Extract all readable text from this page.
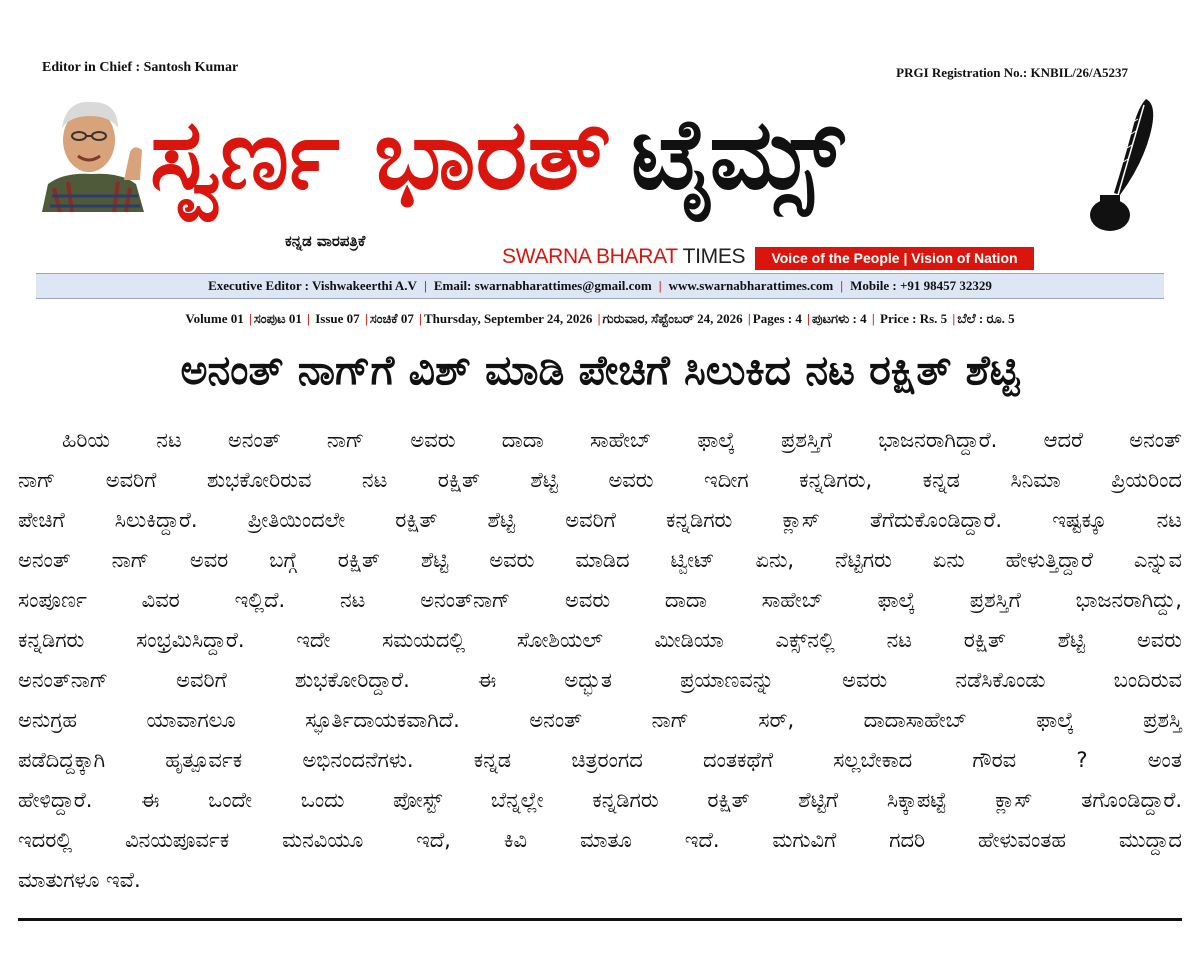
Editor in Chief : Santosh Kumar	PRGI Registration No.: KNBIL/26/A5237
ಸ್ವರ್ಣ ಭಾರತ್ ಟೈಮ್ಸ್
ಕನ್ನಡ ವಾರಪತ್ರಿಕೆ
SWARNA BHARAT TIMES	Voice of the People | Vision of Nation
Executive Editor : Vishwakeerthi A.V | Email: swarnabharattimes@gmail.com | www.swarnabharattimes.com | Mobile : +91 98457 32329
Volume 01 | ಸಂಪುಟ 01 | Issue 07 | ಸಂಚಿಕೆ 07 | Thursday, September 24, 2026 | ಗುರುವಾರ, ಸೆಪ್ಟೆಂಬರ್ 24, 2026 | Pages : 4 | ಪುಟಗಳು : 4 | Price : Rs. 5 | ಬೆಲೆ : ರೂ. 5
ಅನಂತ್ ನಾಗ್‌ಗೆ ವಿಶ್ ಮಾಡಿ ಪೇಚಿಗೆ ಸಿಲುಕಿದ ನಟ ರಕ್ಷಿತ್ ಶೆಟ್ಟಿ
ಹಿರಿಯ ನಟ ಅನಂತ್ ನಾಗ್ ಅವರು ದಾದಾ ಸಾಹೇಬ್ ಫಾಲ್ಕೆ ಪ್ರಶಸ್ತಿಗೆ ಭಾಜನರಾಗಿದ್ದಾರೆ. ಆದರೆ ಅನಂತ್
ನಾಗ್ ಅವರಿಗೆ ಶುಭಕೋರಿರುವ ನಟ ರಕ್ಷಿತ್ ಶೆಟ್ಟಿ ಅವರು ಇದೀಗ ಕನ್ನಡಿಗರು, ಕನ್ನಡ ಸಿನಿಮಾ ಪ್ರಿಯರಿಂದ
ಪೇಚಿಗೆ ಸಿಲುಕಿದ್ದಾರೆ. ಪ್ರೀತಿಯಿಂದಲೇ ರಕ್ಷಿತ್ ಶೆಟ್ಟಿ ಅವರಿಗೆ ಕನ್ನಡಿಗರು ಕ್ಲಾಸ್ ತೆಗೆದುಕೊಂಡಿದ್ದಾರೆ. ಇಷ್ಟಕ್ಕೂ ನಟ
ಅನಂತ್ ನಾಗ್ ಅವರ ಬಗ್ಗೆ ರಕ್ಷಿತ್ ಶೆಟ್ಟಿ ಅವರು ಮಾಡಿದ ಟ್ವೀಟ್ ಏನು, ನೆಟ್ಟಿಗರು ಏನು ಹೇಳುತ್ತಿದ್ದಾರೆ ಎನ್ನುವ
ಸಂಪೂರ್ಣ ವಿವರ ಇಲ್ಲಿದೆ. ನಟ ಅನಂತ್‌ನಾಗ್ ಅವರು ದಾದಾ ಸಾಹೇಬ್ ಫಾಲ್ಕೆ ಪ್ರಶಸ್ತಿಗೆ ಭಾಜನರಾಗಿದ್ದು,
ಕನ್ನಡಿಗರು ಸಂಭ್ರಮಿಸಿದ್ದಾರೆ. ಇದೇ ಸಮಯದಲ್ಲಿ ಸೋಶಿಯಲ್ ಮೀಡಿಯಾ ಎಕ್ಸ್‌ನಲ್ಲಿ ನಟ ರಕ್ಷಿತ್ ಶೆಟ್ಟಿ ಅವರು
ಅನಂತ್‌ನಾಗ್ ಅವರಿಗೆ ಶುಭಕೋರಿದ್ದಾರೆ. ಈ ಅದ್ಭುತ ಪ್ರಯಾಣವನ್ನು ಅವರು ನಡೆಸಿಕೊಂಡು ಬಂದಿರುವ
ಅನುಗ್ರಹ ಯಾವಾಗಲೂ ಸ್ಫೂರ್ತಿದಾಯಕವಾಗಿದೆ. ಅನಂತ್ ನಾಗ್ ಸರ್, ದಾದಾಸಾಹೇಬ್ ಫಾಲ್ಕೆ ಪ್ರಶಸ್ತಿ
ಪಡೆದಿದ್ದಕ್ಕಾಗಿ ಹೃತ್ಪೂರ್ವಕ ಅಭಿನಂದನೆಗಳು. ಕನ್ನಡ ಚಿತ್ರರಂಗದ ದಂತಕಥೆಗೆ ಸಲ್ಲಬೇಕಾದ ಗೌರವ ? ಅಂತ
ಹೇಳಿದ್ದಾರೆ. ಈ ಒಂದೇ ಒಂದು ಪೋಸ್ಟ್ ಬೆನ್ನಲ್ಲೇ ಕನ್ನಡಿಗರು ರಕ್ಷಿತ್ ಶೆಟ್ಟಿಗೆ ಸಿಕ್ಕಾಪಟ್ಟೆ ಕ್ಲಾಸ್ ತಗೊಂಡಿದ್ದಾರೆ.
ಇದರಲ್ಲಿ ವಿನಯಪೂರ್ವಕ ಮನವಿಯೂ ಇದೆ, ಕಿವಿ ಮಾತೂ ಇದೆ. ಮಗುವಿಗೆ ಗದರಿ ಹೇಳುವಂತಹ ಮುದ್ದಾದ
ಮಾತುಗಳೂ ಇವೆ.
